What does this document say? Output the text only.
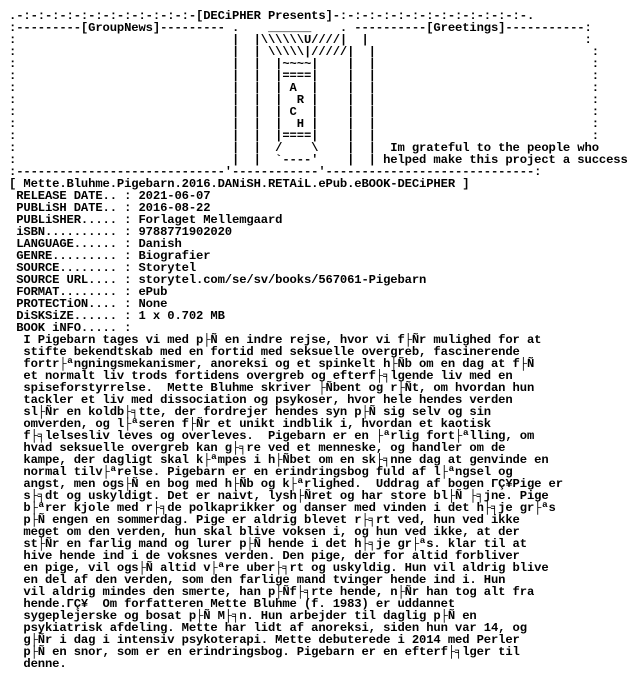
.-:-:-:-:-:-:-:-:-:-:-:-:-[DECiPHER Presents]-:-:-:-:-:-:-:-:-:-:-:-:-:-.
:---------[GroupNews]--------- .    ______    . ----------[Greetings]-----------:
:                              |  |\\\\\\U////|  |                              :
:                              |  | \\\\\|/////|  |                              :
:                              |  |  |~~~~|    |  |                              :
:                              |  |  |====|    |  |                              :
:                              |  |  | A  |    |  |                              :
:                              |  |  |  R |    |  |                              :
:                              |  |  | C  |    |  |                              :
:                              |  |  |  H |    |  |                              :
:                              |  |  |====|    |  |                              :
:                              |  |  /    \    |  |  Im grateful to the people who
:                              |  |  `----'    |  | helped make this project a success
:-----------------------------'------------'-----------------------------:
[ Mette.Bluhme.Pigebarn.2016.DANiSH.RETAiL.ePub.eBOOK-DECiPHER ]
RELEASE DATE.. : 2021-06-07
PUBLiSH DATE.. : 2016-08-22
PUBLiSHER..... : Forlaget Mellemgaard
iSBN.......... : 9788771902020
LANGUAGE...... : Danish
GENRE......... : Biografier
SOURCE........ : Storytel
SOURCE URL.... : storytel.com/se/sv/books/567061-Pigebarn
FORMAT........ : ePub
PROTECTiON.... : None
DiSKSiZE...... : 1 x 0.702 MB
BOOK iNFO..... :
I Pigebarn tages vi med p├Ñ en indre rejse, hvor vi f├Ñr mulighed for at
stifte bekendtskab med en fortid med seksuelle overgreb, fascinerende
fortr├ªngningsmekanismer, anoreksi og et spinkelt h├Ñb om en dag at f├Ñ
et normalt liv trods fortidens overgreb og efterf├╕lgende liv med en
spiseforstyrrelse.  Mette Bluhme skriver ├Ñbent og r├Ñt, om hvordan hun
tackler et liv med dissociation og psykoser, hvor hele hendes verden
sl├Ñr en koldb├╕tte, der fordrejer hendes syn p├Ñ sig selv og sin
omverden, og l├ªseren f├Ñr et unikt indblik i, hvordan et kaotisk
f├╕lelsesliv leves og overleves.  Pigebarn er en ├ªrlig fort├ªlling, om
hvad seksuelle overgreb kan g├╕re ved et menneske, og handler om de
kampe, der dagligt skal k├ªmpes i h├Ñbet om en sk├╕nne dag at genvinde en
normal tilv├ªrelse. Pigebarn er en erindringsbog fuld af l├ªngsel og
angst, men ogs├Ñ en bog med h├Ñb og k├ªrlighed.  Uddrag af bogen ΓÇ¥Pige er
s├╕dt og uskyldigt. Det er naivt, lysh├Ñret og har store bl├Ñ ├╕jne. Pige
b├ªrer kjole med r├╕de polkaprikker og danser med vinden i det h├╕je gr├ªs
p├Ñ engen en sommerdag. Pige er aldrig blevet r├╕rt ved, hun ved ikke
meget om den verden, hun skal blive voksen i, og hun ved ikke, at der
st├Ñr en farlig mand og lurer p├Ñ hende i det h├╕je gr├ªs. klar til at
hive hende ind i de voksnes verden. Den pige, der for altid forbliver
en pige, vil ogs├Ñ altid v├ªre uber├╕rt og uskyldig. Hun vil aldrig blive
en del af den verden, som den farlige mand tvinger hende ind i. Hun
vil aldrig mindes den smerte, han p├Ñf├╕rte hende, n├Ñr han tog alt fra
hende.ΓÇ¥  Om forfatteren Mette Bluhme (f. 1983) er uddannet
sygeplejerske og bosat p├Ñ M├╕n. Hun arbejder til daglig p├Ñ en
psykiatrisk afdeling. Mette har lidt af anoreksi, siden hun var 14, og
g├Ñr i dag i intensiv psykoterapi. Mette debuterede i 2014 med Perler
p├Ñ en snor, som er en erindringsbog. Pigebarn er en efterf├╕lger til
denne.
